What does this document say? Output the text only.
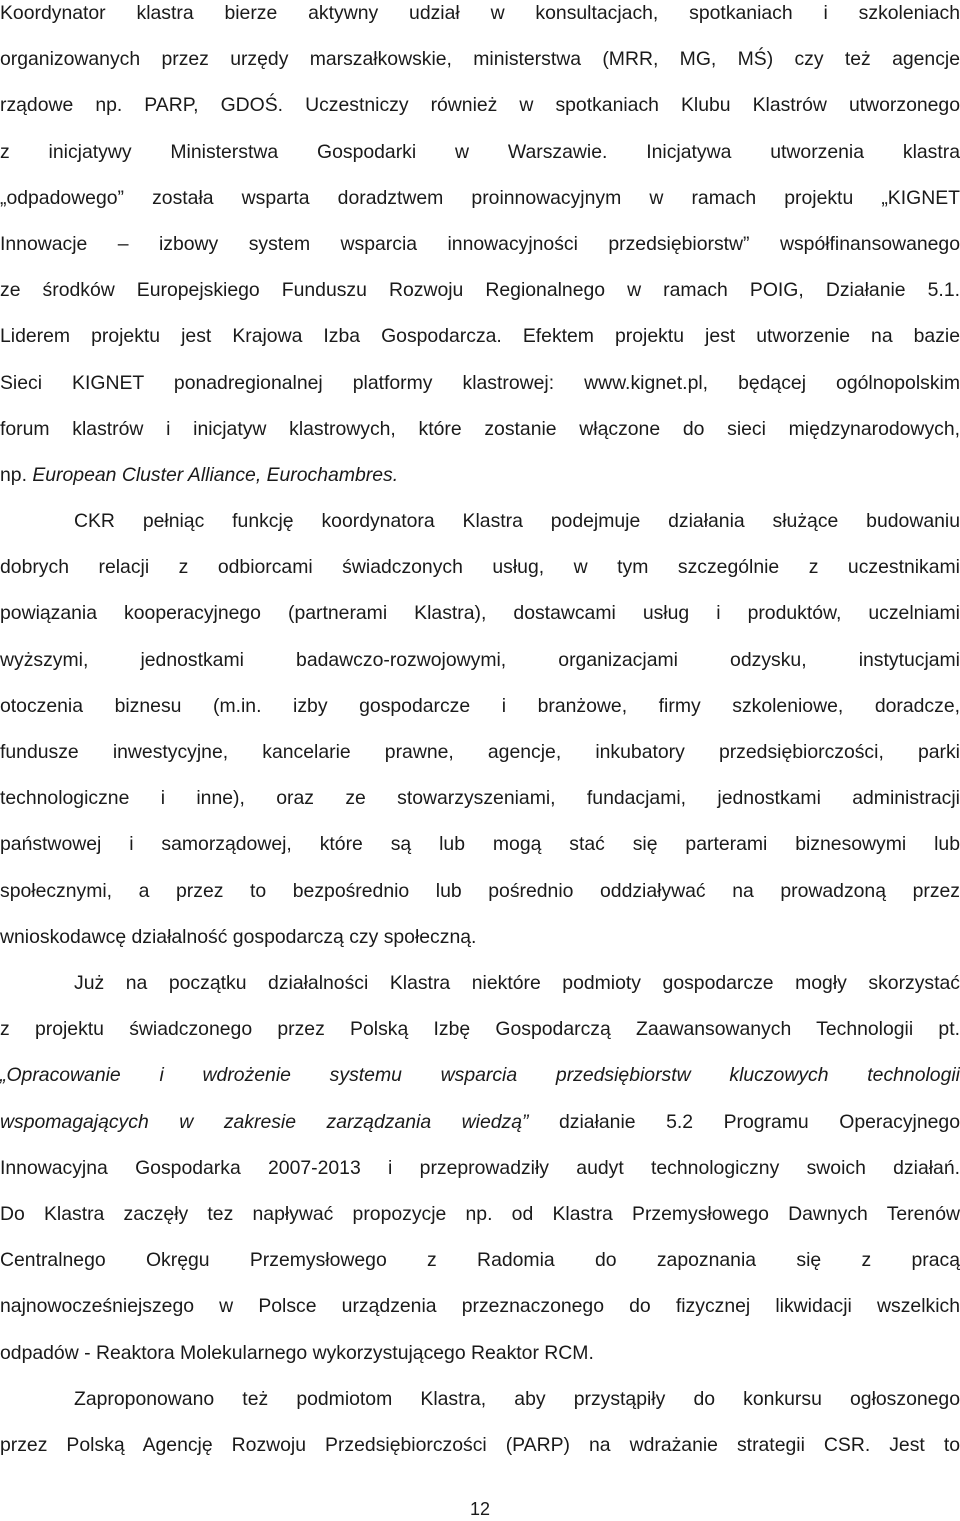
Koordynator klastra bierze aktywny udział w konsultacjach, spotkaniach i szkoleniach
organizowanych przez urzędy marszałkowskie, ministerstwa (MRR, MG, MŚ) czy też agencje
rządowe np. PARP, GDOŚ. Uczestniczy również w spotkaniach Klubu Klastrów utworzonego
z inicjatywy Ministerstwa Gospodarki w Warszawie. Inicjatywa utworzenia klastra
„odpadowego” została wsparta doradztwem proinnowacyjnym w ramach projektu „KIGNET
Innowacje – izbowy system wsparcia innowacyjności przedsiębiorstw” współfinansowanego
ze środków Europejskiego Funduszu Rozwoju Regionalnego w ramach POIG, Działanie 5.1.
Liderem projektu jest Krajowa Izba Gospodarcza. Efektem projektu jest utworzenie na bazie
Sieci KIGNET ponadregionalnej platformy klastrowej: www.kignet.pl, będącej ogólnopolskim
forum klastrów i inicjatyw klastrowych, które zostanie włączone do sieci międzynarodowych,
np. European Cluster Alliance, Eurochambres.
CKR pełniąc funkcję koordynatora Klastra podejmuje działania służące budowaniu
dobrych relacji z odbiorcami świadczonych usług, w tym szczególnie z uczestnikami
powiązania kooperacyjnego (partnerami Klastra), dostawcami usług i produktów, uczelniami
wyższymi, jednostkami badawczo-rozwojowymi, organizacjami odzysku, instytucjami
otoczenia biznesu (m.in. izby gospodarcze i branżowe, firmy szkoleniowe, doradcze,
fundusze inwestycyjne, kancelarie prawne, agencje, inkubatory przedsiębiorczości, parki
technologiczne i inne), oraz ze stowarzyszeniami, fundacjami, jednostkami administracji
państwowej i samorządowej, które są lub mogą stać się parterami biznesowymi lub
społecznymi, a przez to bezpośrednio lub pośrednio oddziaływać na prowadzoną przez
wnioskodawcę działalność gospodarczą czy społeczną.
Już na początku działalności Klastra niektóre podmioty gospodarcze mogły skorzystać
z projektu świadczonego przez Polską Izbę Gospodarczą Zaawansowanych Technologii pt.
„Opracowanie i wdrożenie systemu wsparcia przedsiębiorstw kluczowych technologii
wspomagających w zakresie zarządzania wiedzą” działanie 5.2 Programu Operacyjnego
Innowacyjna Gospodarka 2007-2013 i przeprowadziły audyt technologiczny swoich działań.
Do Klastra zaczęły tez napływać propozycje np. od Klastra Przemysłowego Dawnych Terenów
Centralnego Okręgu Przemysłowego z Radomia do zapoznania się z pracą
najnowocześniejszego w Polsce urządzenia przeznaczonego do fizycznej likwidacji wszelkich
odpadów - Reaktora Molekularnego wykorzystującego Reaktor RCM.
Zaproponowano też podmiotom Klastra, aby przystąpiły do konkursu ogłoszonego
przez Polską Agencję Rozwoju Przedsiębiorczości (PARP) na wdrażanie strategii CSR. Jest to
12
